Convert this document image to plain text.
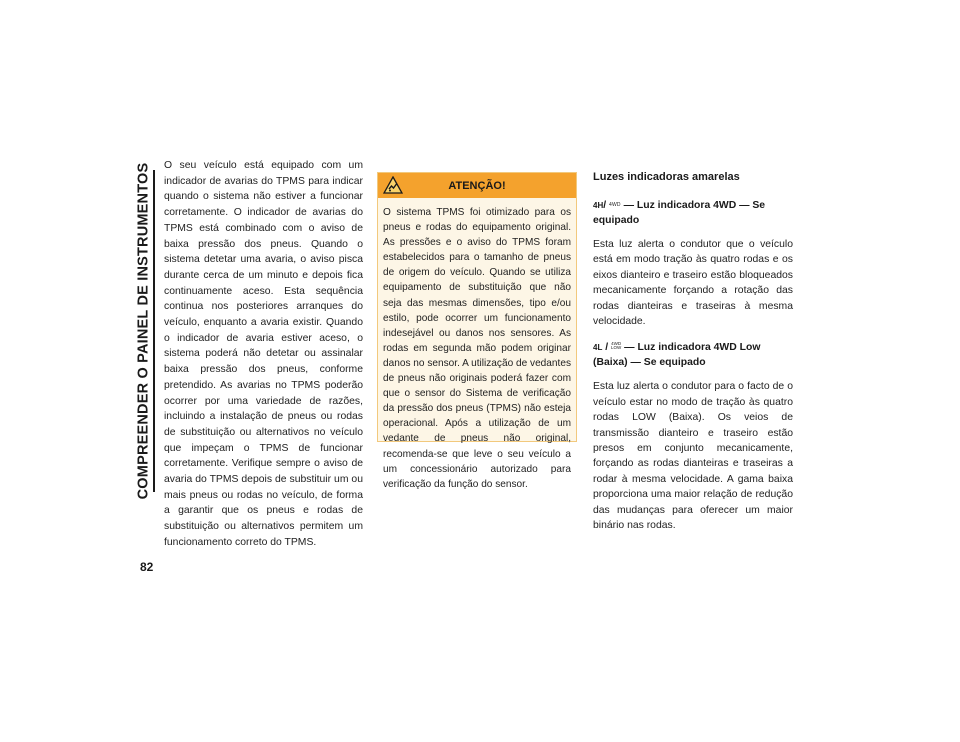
COMPREENDER O PAINEL DE INSTRUMENTOS
82

O seu veículo está equipado com um indicador de avarias do TPMS para indicar quando o sistema não estiver a funcionar corretamente. O indicador de avarias do TPMS está combinado com o aviso de baixa pressão dos pneus. Quando o sistema detetar uma avaria, o aviso pisca durante cerca de um minuto e depois fica continuamente aceso. Esta sequência continua nos posteriores arranques do veículo, enquanto a avaria existir. Quando o indicador de avaria estiver aceso, o sistema poderá não detetar ou assinalar baixa pressão dos pneus, conforme pretendido. As avarias no TPMS poderão ocorrer por uma variedade de razões, incluindo a instalação de pneus ou rodas de substituição ou alternativos no veículo que impeçam o TPMS de funcionar corretamente. Verifique sempre o aviso de avaria do TPMS depois de substituir um ou mais pneus ou rodas no veículo, de forma a garantir que os pneus e rodas de substituição ou alternativos permitem um funcionamento correto do TPMS.

ATENÇÃO!

O sistema TPMS foi otimizado para os pneus e rodas do equipamento original. As pressões e o aviso do TPMS foram estabelecidos para o tamanho de pneus de origem do veículo. Quando se utiliza equipamento de substituição que não seja das mesmas dimensões, tipo e/ou estilo, pode ocorrer um funcionamento indesejável ou danos nos sensores. As rodas em segunda mão podem originar danos no sensor. A utilização de vedantes de pneus não originais poderá fazer com que o sensor do Sistema de verificação da pressão dos pneus (TPMS) não esteja operacional. Após a utilização de um vedante de pneus não original, recomenda-se que leve o seu veículo a um concessionário autorizado para verificação da função do sensor.

Luzes indicadoras amarelas

4H/ 4WD — Luz indicadora 4WD — Se equipado

Esta luz alerta o condutor que o veículo está em modo tração às quatro rodas e os eixos dianteiro e traseiro estão bloqueados mecanicamente forçando a rotação das rodas dianteiras e traseiras à mesma velocidade.

4L / 4WD
LOW — Luz indicadora 4WD Low (Baixa) — Se equipado

Esta luz alerta o condutor para o facto de o veículo estar no modo de tração às quatro rodas LOW (Baixa). Os veios de transmissão dianteiro e traseiro estão presos em conjunto mecanicamente, forçando as rodas dianteiras e traseiras a rodar à mesma velocidade. A gama baixa proporciona uma maior relação de redução das mudanças para oferecer um maior binário nas rodas.
